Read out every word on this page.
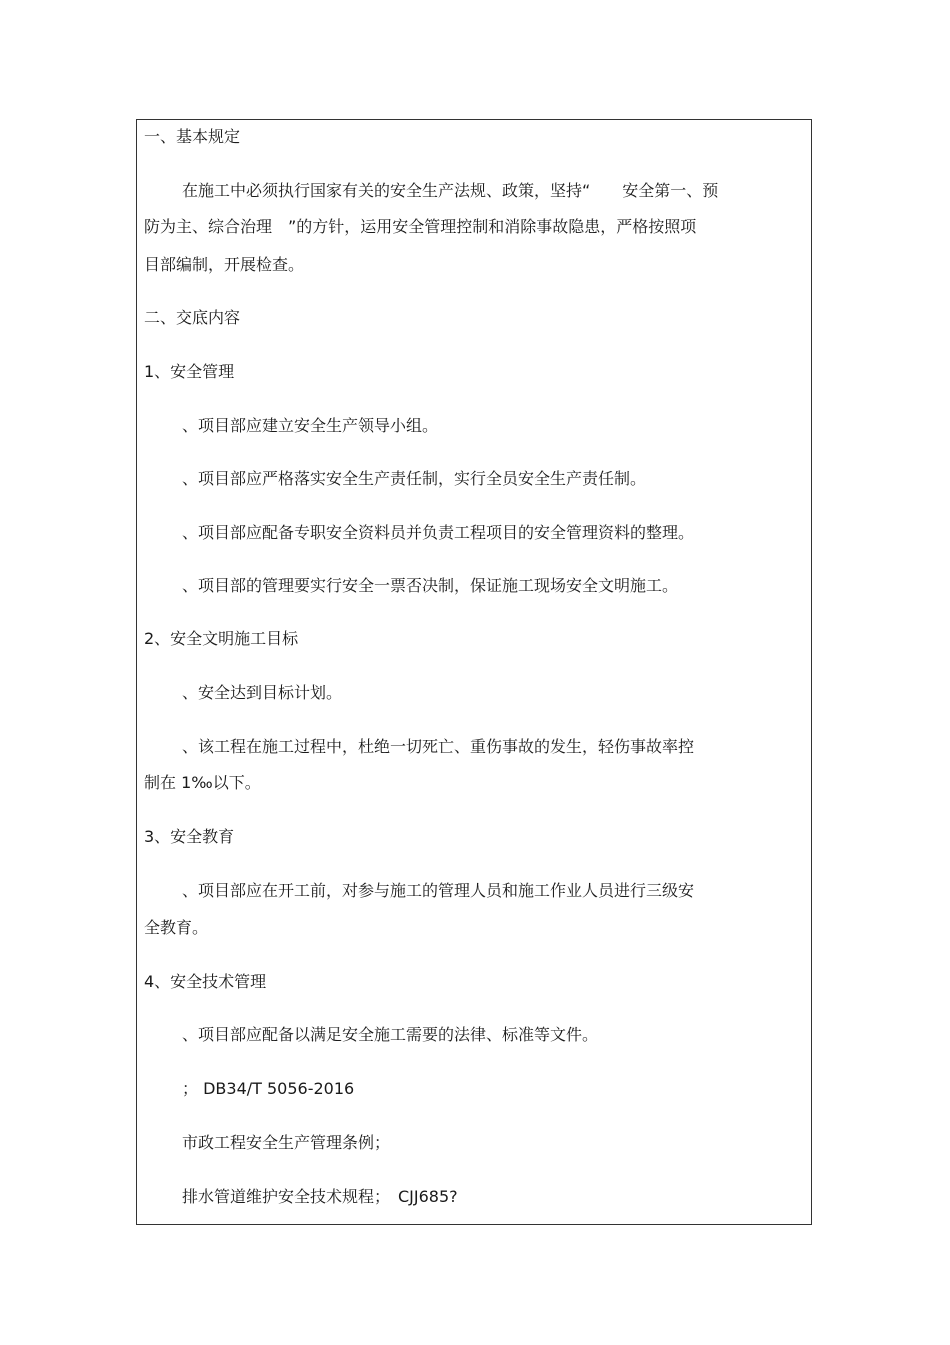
一、基本规定
在施工中必须执行国家有关的安全生产法规、政策，坚持“　　安全第一、预
防为主、综合治理　”的方针，运用安全管理控制和消除事故隐患，严格按照项
目部编制，开展检查。
二、交底内容
1、安全管理
、项目部应建立安全生产领导小组。
、项目部应严格落实安全生产责任制，实行全员安全生产责任制。
、项目部应配备专职安全资料员并负责工程项目的安全管理资料的整理。
、项目部的管理要实行安全一票否决制，保证施工现场安全文明施工。
2、安全文明施工目标
、安全达到目标计划。
、该工程在施工过程中，杜绝一切死亡、重伤事故的发生，轻伤事故率控
制在 1‰以下。
3、安全教育
、项目部应在开工前，对参与施工的管理人员和施工作业人员进行三级安
全教育。
4、安全技术管理
、项目部应配备以满足安全施工需要的法律、标准等文件。
； DB34/T 5056-2016
市政工程安全生产管理条例；
排水管道维护安全技术规程；　CJJ685?
